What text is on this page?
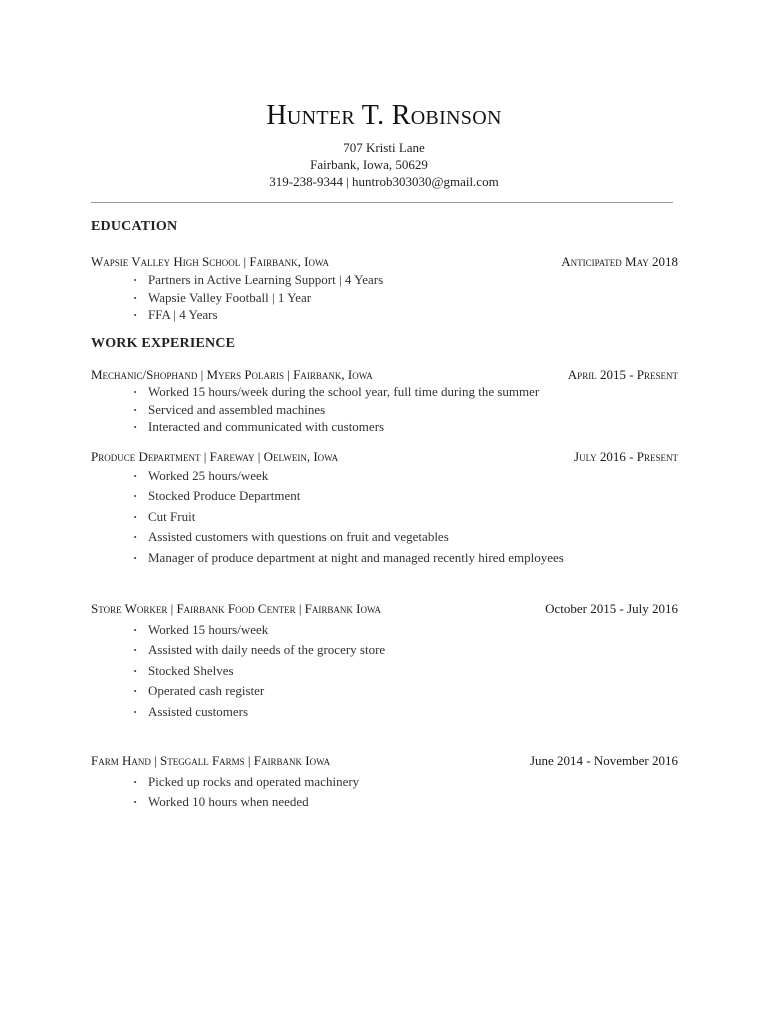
Hunter T. Robinson
707 Kristi Lane
Fairbank, Iowa, 50629
319-238-9344 | huntrob303030@gmail.com
EDUCATION
Wapsie Valley High School | Fairbank, Iowa	Anticipated May 2018
· Partners in Active Learning Support | 4 Years
· Wapsie Valley Football | 1 Year
· FFA | 4 Years
WORK EXPERIENCE
Mechanic/Shophand | Myers Polaris | Fairbank, Iowa	April 2015 - Present
· Worked 15 hours/week during the school year, full time during the summer
· Serviced and assembled machines
· Interacted and communicated with customers
Produce Department | Fareway | Oelwein, Iowa	July 2016 - Present
· Worked 25 hours/week
· Stocked Produce Department
· Cut Fruit
· Assisted customers with questions on fruit and vegetables
· Manager of produce department at night and managed recently hired employees
Store Worker | Fairbank Food Center | Fairbank Iowa	October 2015 - July 2016
· Worked 15 hours/week
· Assisted with daily needs of the grocery store
· Stocked Shelves
· Operated cash register
· Assisted customers
Farm Hand | Steggall Farms | Fairbank Iowa	June 2014 - November 2016
· Picked up rocks and operated machinery
· Worked 10 hours when needed
